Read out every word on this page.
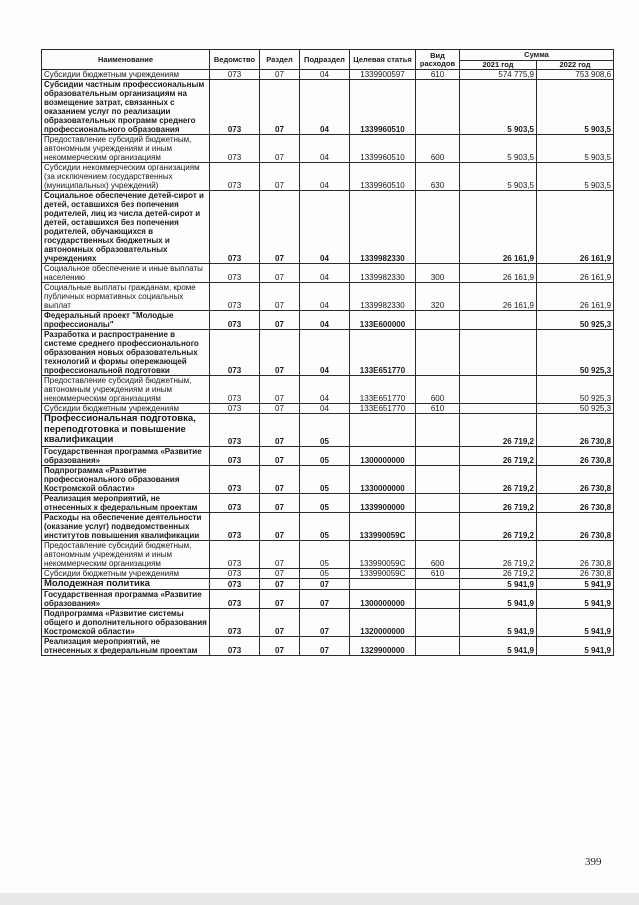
Наименование	Ведомство	Раздел	Подраздел	Целевая статья	Вид расходов	Сумма	
						2021 год	2022 год
Субсидии бюджетным учреждениям	073	07	04	1339900597	610	574 775,9	753 908,6
Субсидии частным профессиональным образовательным организациям на возмещение затрат, связанных с оказанием услуг по реализации образовательных программ среднего профессионального образования	073	07	04	1339960510		5 903,5	5 903,5
Предоставление субсидий бюджетным, автономным учреждениям и иным некоммерческим организациям	073	07	04	1339960510	600	5 903,5	5 903,5
Субсидии некоммерческим организациям (за исключением государственных (муниципальных) учреждений)	073	07	04	1339960510	630	5 903,5	5 903,5
Социальное обеспечение детей-сирот и детей, оставшихся без попечения родителей, лиц из числа детей-сирот и детей, оставшихся без попечения родителей, обучающихся в государственных бюджетных и автономных образовательных учреждениях	073	07	04	1339982330		26 161,9	26 161,9
Социальное обеспечение и иные выплаты населению	073	07	04	1339982330	300	26 161,9	26 161,9
Социальные выплаты гражданам, кроме публичных нормативных социальных выплат	073	07	04	1339982330	320	26 161,9	26 161,9
Федеральный проект "Молодые профессионалы"	073	07	04	133E600000			50 925,3
Разработка и распространение в системе среднего профессионального образования новых образовательных технологий и формы опережающей профессиональной подготовки	073	07	04	133E651770			50 925,3
Предоставление субсидий бюджетным, автономным учреждениям и иным некоммерческим организациям	073	07	04	133E651770	600		50 925,3
Субсидии бюджетным учреждениям	073	07	04	133E651770	610		50 925,3
Профессиональная подготовка, переподготовка и повышение квалификации	073	07	05			26 719,2	26 730,8
Государственная программа «Развитие образования»	073	07	05	1300000000		26 719,2	26 730,8
Подпрограмма «Развитие профессионального образования Костромской области»	073	07	05	1330000000		26 719,2	26 730,8
Реализация мероприятий, не отнесенных к федеральным проектам	073	07	05	1339900000		26 719,2	26 730,8
Расходы на обеспечение деятельности (оказание услуг) подведомственных институтов повышения квалификации	073	07	05	133990059С		26 719,2	26 730,8
Предоставление субсидий бюджетным, автономным учреждениям и иным некоммерческим организациям	073	07	05	133990059С	600	26 719,2	26 730,8
Субсидии бюджетным учреждениям	073	07	05	133990059С	610	26 719,2	26 730,8
Молодежная политика	073	07	07			5 941,9	5 941,9
Государственная программа «Развитие образования»	073	07	07	1300000000		5 941,9	5 941,9
Подпрограмма «Развитие системы общего и дополнительного образования Костромской области»	073	07	07	1320000000		5 941,9	5 941,9
Реализация мероприятий, не отнесенных к федеральным проектам	073	07	07	1329900000		5 941,9	5 941,9
399
